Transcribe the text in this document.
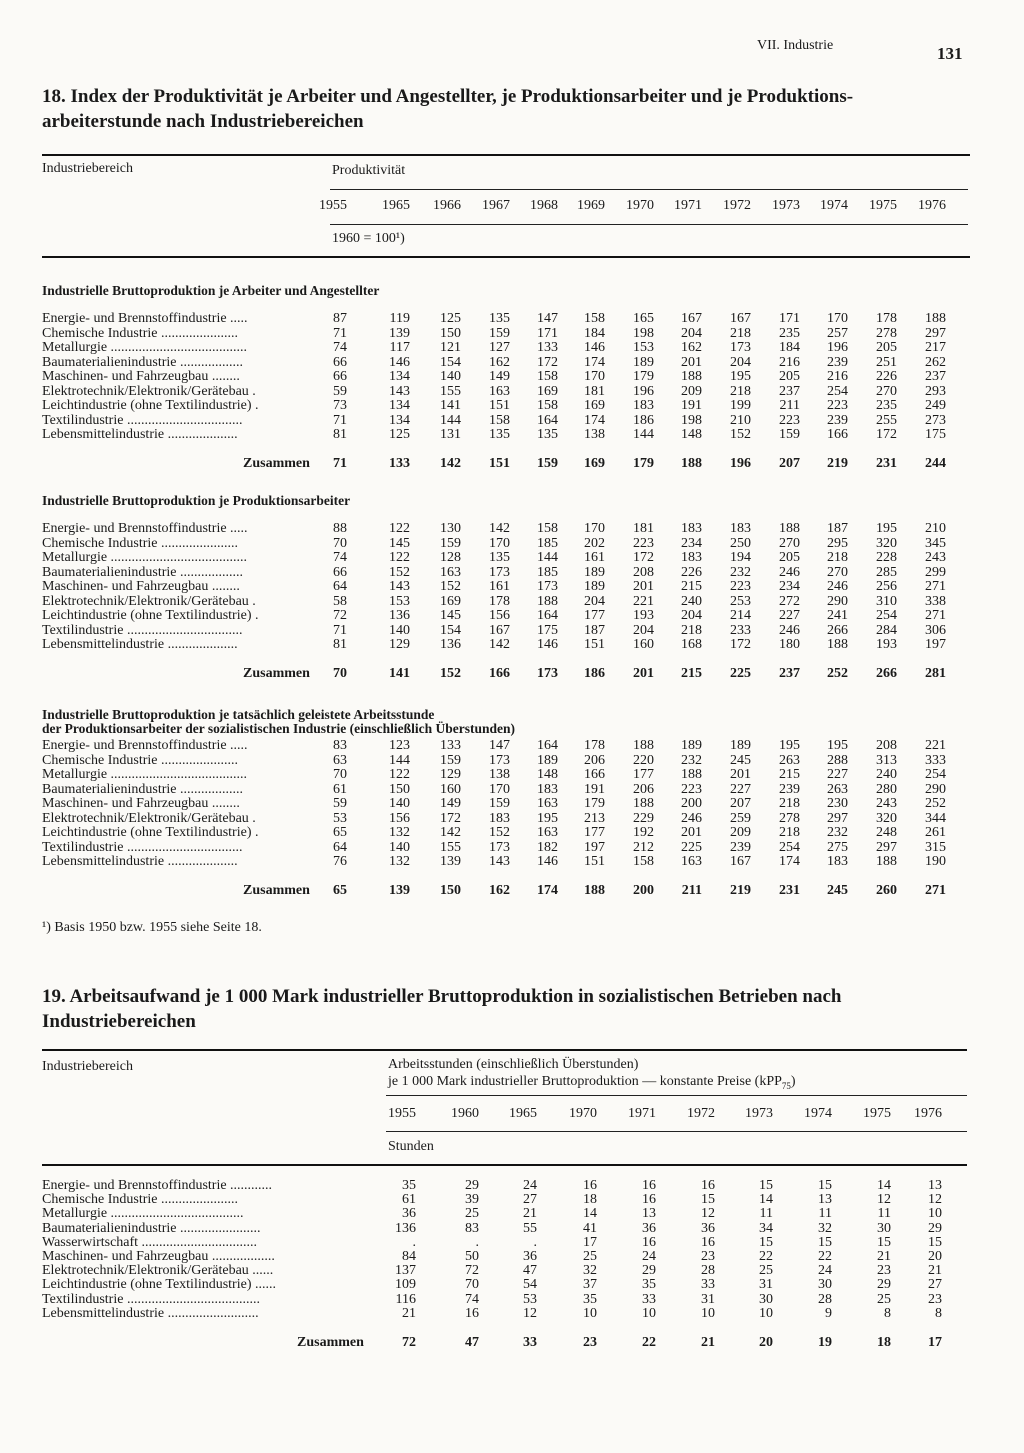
VII. Industrie	131
18. Index der Produktivität je Arbeiter und Angestellter, je Produktionsarbeiter und je Produktions-
arbeiterstunde nach Industriebereichen
Industriebereich	Produktivität
1955	1965 1966 1967 1968 1969 1970 1971 1972 1973 1974 1975 1976
1960 = 100¹)
Industrielle Bruttoproduktion je Arbeiter und Angestellter
Energie- und Brennstoffindustrie .....	87	119 125 135 147 158 165 167 167 171 170 178 188
Chemische Industrie ......................	71	139 150 159 171 184 198 204 218 235 257 278 297
Metallurgie .......................................	74	117 121 127 133 146 153 162 173 184 196 205 217
Baumaterialienindustrie ..................	66	146 154 162 172 174 189 201 204 216 239 251 262
Maschinen- und Fahrzeugbau ........	66	134 140 149 158 170 179 188 195 205 216 226 237
Elektrotechnik/Elektronik/Gerätebau .	59	143 155 163 169 181 196 209 218 237 254 270 293
Leichtindustrie (ohne Textilindustrie) .	73	134 141 151 158 169 183 191 199 211 223 235 249
Textilindustrie .................................	71	134 144 158 164 174 186 198 210 223 239 255 273
Lebensmittelindustrie ....................	81	125 131 135 135 138 144 148 152 159 166 172 175
Zusammen 71	133 142 151 159 169 179 188 196 207 219 231 244
Industrielle Bruttoproduktion je Produktionsarbeiter
Energie- und Brennstoffindustrie .....	88	122 130 142 158 170 181 183 183 188 187 195 210
Chemische Industrie ......................	70	145 159 170 185 202 223 234 250 270 295 320 345
Metallurgie .......................................	74	122 128 135 144 161 172 183 194 205 218 228 243
Baumaterialienindustrie ..................	66	152 163 173 185 189 208 226 232 246 270 285 299
Maschinen- und Fahrzeugbau ........	64	143 152 161 173 189 201 215 223 234 246 256 271
Elektrotechnik/Elektronik/Gerätebau .	58	153 169 178 188 204 221 240 253 272 290 310 338
Leichtindustrie (ohne Textilindustrie) .	72	136 145 156 164 177 193 204 214 227 241 254 271
Textilindustrie .................................	71	140 154 167 175 187 204 218 233 246 266 284 306
Lebensmittelindustrie ....................	81	129 136 142 146 151 160 168 172 180 188 193 197
Zusammen 70	141 152 166 173 186 201 215 225 237 252 266 281
Industrielle Bruttoproduktion je tatsächlich geleistete Arbeitsstunde
der Produktionsarbeiter der sozialistischen Industrie (einschließlich Überstunden)
Energie- und Brennstoffindustrie .....	83	123 133 147 164 178 188 189 189 195 195 208 221
Chemische Industrie ......................	63	144 159 173 189 206 220 232 245 263 288 313 333
Metallurgie .......................................	70	122 129 138 148 166 177 188 201 215 227 240 254
Baumaterialienindustrie ..................	61	150 160 170 183 191 206 223 227 239 263 280 290
Maschinen- und Fahrzeugbau ........	59	140 149 159 163 179 188 200 207 218 230 243 252
Elektrotechnik/Elektronik/Gerätebau .	53	156 172 183 195 213 229 246 259 278 297 320 344
Leichtindustrie (ohne Textilindustrie) .	65	132 142 152 163 177 192 201 209 218 232 248 261
Textilindustrie .................................	64	140 155 173 182 197 212 225 239 254 275 297 315
Lebensmittelindustrie ....................	76	132 139 143 146 151 158 163 167 174 183 188 190
Zusammen 65	139 150 162 174 188 200 211 219 231 245 260 271
¹) Basis 1950 bzw. 1955 siehe Seite 18.
19. Arbeitsaufwand je 1 000 Mark industrieller Bruttoproduktion in sozialistischen Betrieben nach
Industriebereichen
Industriebereich	Arbeitsstunden (einschließlich Überstunden)
je 1 000 Mark industrieller Bruttoproduktion — konstante Preise (kPP$_{75}$)
1955	1960 1965 1970 1971 1972 1973 1974 1975 1976
Stunden
Energie- und Brennstoffindustrie ............	35	29	24	16	16	16	15	15	14	13
Chemische Industrie ......................	61	39	27	18	16	15	14	13	12	12
Metallurgie ......................................	36	25	21	14	13	12	11	11	11	10
Baumaterialienindustrie .......................	136	83	55	41	36	36	34	32	30	29
Wasserwirtschaft .................................	.	.	.	17	16	16	15	15	15	15
Maschinen- und Fahrzeugbau ..................	84	50	36	25	24	23	22	22	21	20
Elektrotechnik/Elektronik/Gerätebau ......	137	72	47	32	29	28	25	24	23	21
Leichtindustrie (ohne Textilindustrie) ......	109	70	54	37	35	33	31	30	29	27
Textilindustrie ......................................	116	74	53	35	33	31	30	28	25	23
Lebensmittelindustrie ..........................	21	16	12	10	10	10	10	9	8	8
Zusammen	72	47	33	23	22	21	20	19	18	17
